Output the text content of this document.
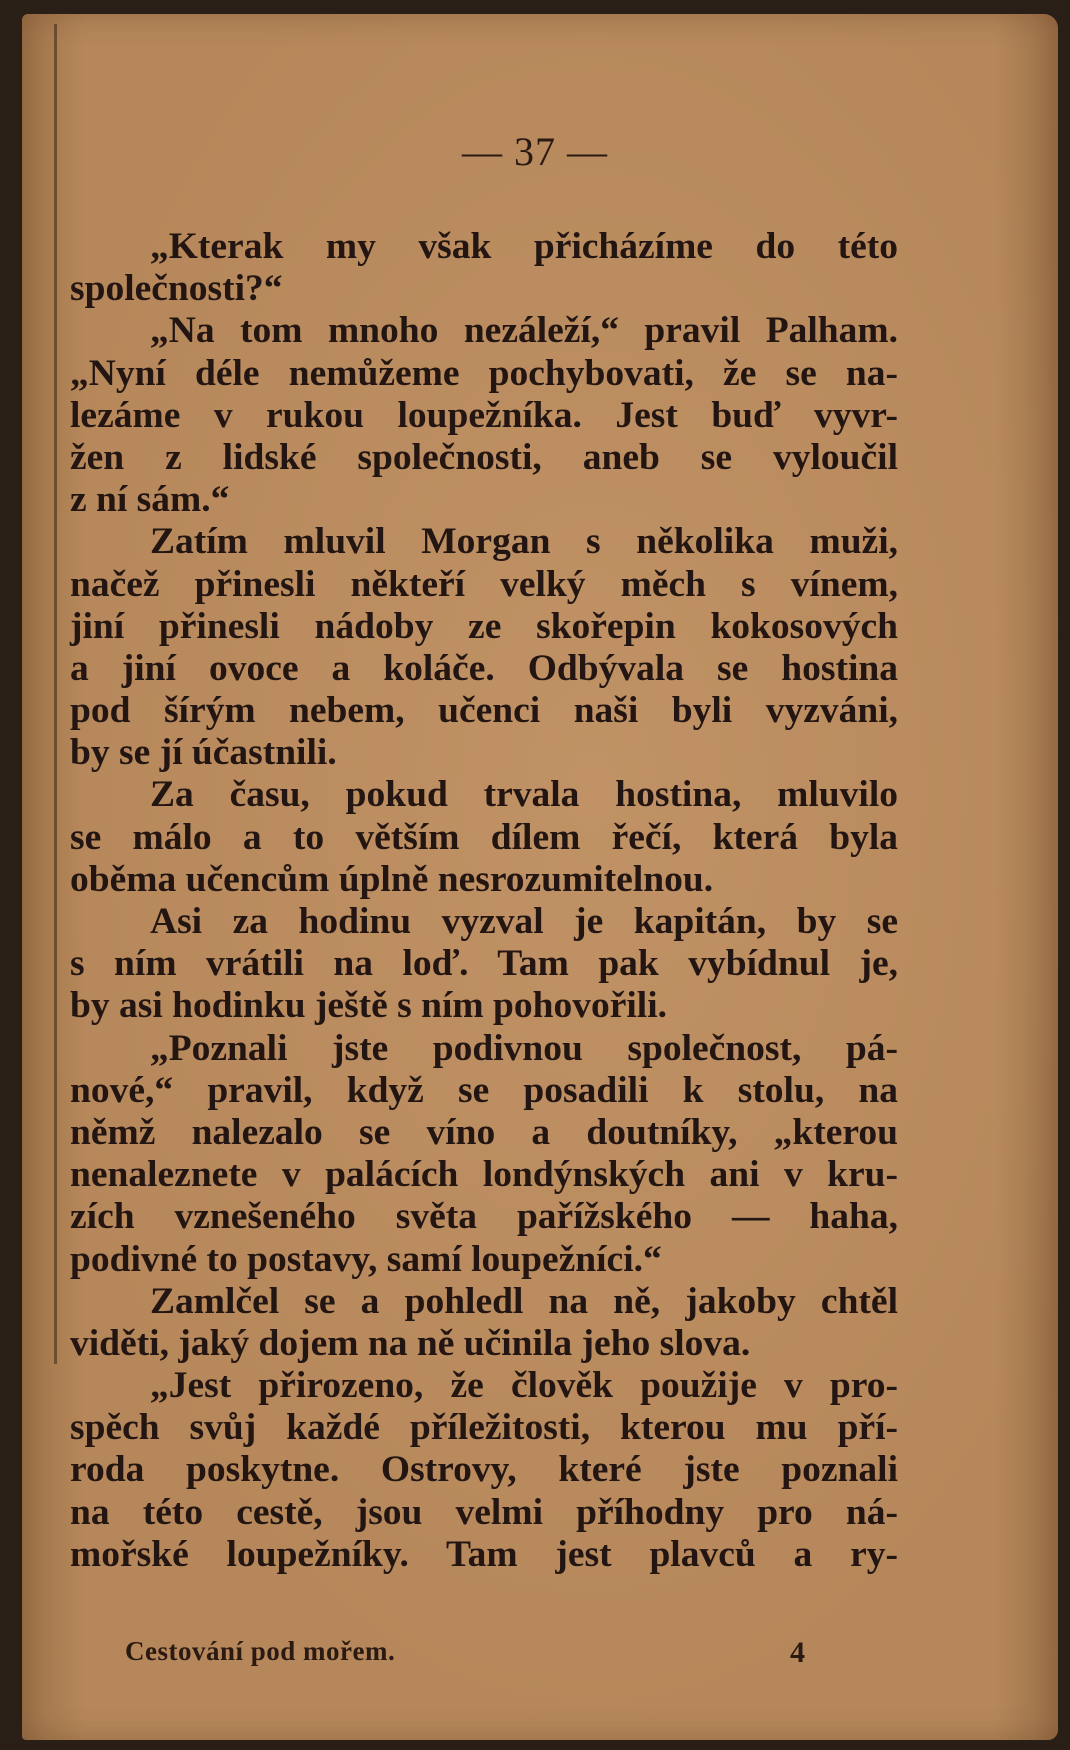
— 37 —
„Kterak my však přicházíme do této
společnosti?“
„Na tom mnoho nezáleží,“ pravil Palham.
„Nyní déle nemůžeme pochybovati, že se na-
lezáme v rukou loupežníka. Jest buď vyvr-
žen z lidské společnosti, aneb se vyloučil
z ní sám.“
Zatím mluvil Morgan s několika muži,
načež přinesli někteří velký měch s vínem,
jiní přinesli nádoby ze skořepin kokosových
a jiní ovoce a koláče. Odbývala se hostina
pod šírým nebem, učenci naši byli vyzváni,
by se jí účastnili.
Za času, pokud trvala hostina, mluvilo
se málo a to větším dílem řečí, která byla
oběma učencům úplně nesrozumitelnou.
Asi za hodinu vyzval je kapitán, by se
s ním vrátili na loď. Tam pak vybídnul je,
by asi hodinku ještě s ním pohovořili.
„Poznali jste podivnou společnost, pá-
nové,“ pravil, když se posadili k stolu, na
němž nalezalo se víno a doutníky, „kterou
nenaleznete v palácích londýnských ani v kru-
zích vznešeného světa pařížského — haha,
podivné to postavy, samí loupežníci.“
Zamlčel se a pohledl na ně, jakoby chtěl
viděti, jaký dojem na ně učinila jeho slova.
„Jest přirozeno, že člověk použije v pro-
spěch svůj každé příležitosti, kterou mu pří-
roda poskytne. Ostrovy, které jste poznali
na této cestě, jsou velmi příhodny pro ná-
mořské loupežníky. Tam jest plavců a ry-
Cestování pod mořem.	4
